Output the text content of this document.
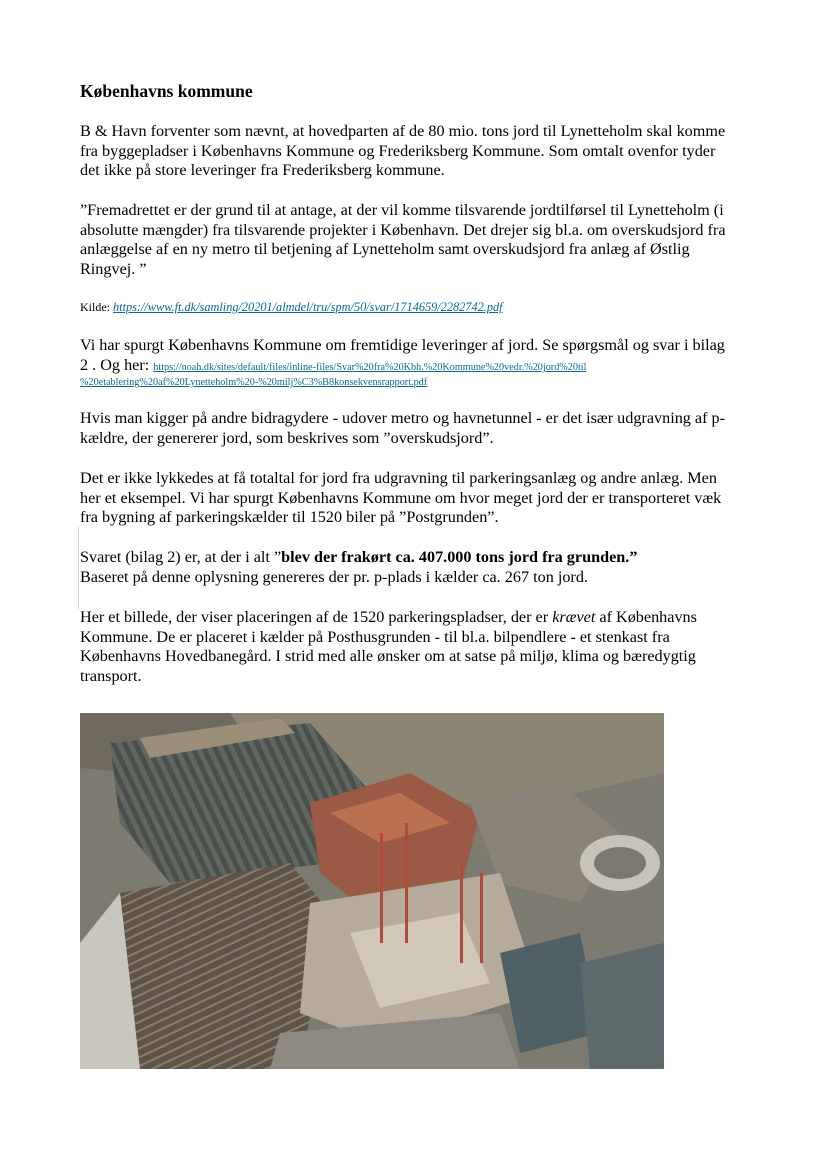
Københavns kommune
B & Havn forventer som nævnt, at hovedparten af de 80 mio. tons jord til Lynetteholm skal komme
fra byggepladser i Københavns Kommune og Frederiksberg Kommune. Som omtalt ovenfor tyder
det ikke på store leveringer fra Frederiksberg kommune.
”Fremadrettet er der grund til at antage, at der vil komme tilsvarende jordtilførsel til Lynetteholm (i
absolutte mængder) fra tilsvarende projekter i København. Det drejer sig bl.a. om overskudsjord fra
anlæggelse af en ny metro til betjening af Lynetteholm samt overskudsjord fra anlæg af Østlig
Ringvej. ”
Kilde: https://www.ft.dk/samling/20201/almdel/tru/spm/50/svar/1714659/2282742.pdf
Vi har spurgt Københavns Kommune om fremtidige leveringer af jord. Se spørgsmål og svar i bilag
2 . Og her: https://noah.dk/sites/default/files/inline-files/Svar%20fra%20Kbh.%20Kommune%20vedr.%20jord%20til
%20etablering%20af%20Lynetteholm%20-%20milj%C3%B8konsekvensrapport.pdf
Hvis man kigger på andre bidragydere - udover metro og havnetunnel - er det især udgravning af p-
kældre, der genererer jord, som beskrives som ”overskudsjord”.
Det er ikke lykkedes at få totaltal for jord fra udgravning til parkeringsanlæg og andre anlæg. Men
her et eksempel. Vi har spurgt Københavns Kommune om hvor meget jord der er transporteret væk
fra bygning af parkeringskælder til 1520 biler på ”Postgrunden”.
Svaret (bilag 2) er, at der i alt ”blev der frakørt ca. 407.000 tons jord fra grunden.”
Baseret på denne oplysning genereres der pr. p-plads i kælder ca. 267 ton jord.
Her et billede, der viser placeringen af de 1520 parkeringspladser, der er krævet af Københavns
Kommune. De er placeret i kælder på Posthusgrunden - til bl.a. bilpendlere - et stenkast fra
Københavns Hovedbanegård. I strid med alle ønsker om at satse på miljø, klima og bæredygtig
transport.
